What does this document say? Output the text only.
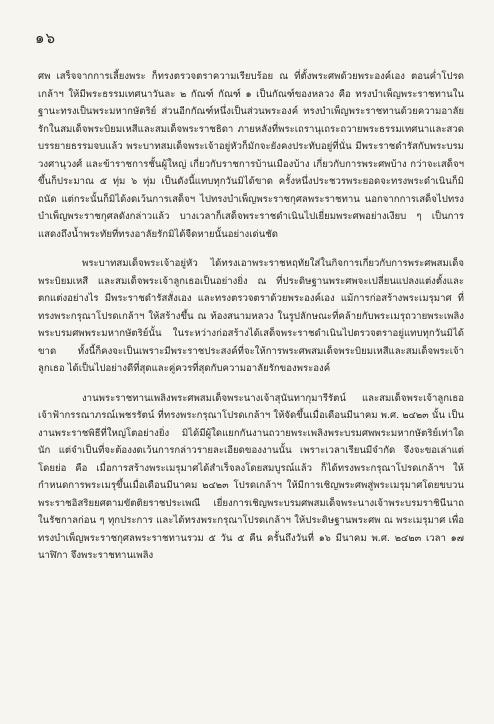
๑๖

ศพ เสร็จจากการเลี้ยงพระ ก็ทรงตรวจตราความเรียบร้อย ณ ที่ตั้งพระศพด้วยพระองค์เอง ตอนค่ำโปรดเกล้าฯ ให้มีพระธรรมเทศนาวันละ ๒ กัณฑ์ กัณฑ์ ๑ เป็นกัณฑ์ของหลวง คือ ทรงบำเพ็ญพระราชทานในฐานะทรงเป็นพระมหากษัตริย์ ส่วนอีกกัณฑ์หนึ่งเป็นส่วนพระองค์ ทรงบำเพ็ญพระราชทานด้วยความอาลัยรักในสมเด็จพระบิยมเหสีและสมเด็จพระราชธิดา ภายหลังที่พระเถรานุเถระถวายพระธรรมเทศนาและสวดบรรยายธรรมจบแล้ว พระบาทสมเด็จพระเจ้าอยู่หัวก็มักจะยังคงประทับอยู่ที่นั่น มีพระราชดำรัสกับพระบรมวงศานุวงศ์ และข้าราชการชั้นผู้ใหญ่ เกี่ยวกับราชการบ้านเมืองบ้าง เกี่ยวกับการพระศพบ้าง กว่าจะเสด็จฯ ขึ้นก็ประมาณ ๕ ทุ่ม ๖ ทุ่ม เป็นดังนี้แทบทุกวันมิได้ขาด ครั้งหนึ่งประชวรพระยอดจะทรงพระดำเนินก็มิถนัด แต่กระนั้นก็มิได้งดเว้นการเสด็จฯ ไปทรงบำเพ็ญพระราชกุศลพระราชทาน นอกจากการเสด็จไปทรงบำเพ็ญพระราชกุศลดังกล่าวแล้ว บางเวลาก็เสด็จพระราชดำเนินไปเยี่ยมพระศพอย่างเงียบ ๆ เป็นการแสดงถึงน้ำพระทัยที่ทรงอาลัยรักมิได้จืดหายนั้นอย่างเด่นชัด

พระบาทสมเด็จพระเจ้าอยู่หัว ได้ทรงเอาพระราชหฤทัยใส่ในกิจการเกี่ยวกับการพระศพสมเด็จพระบิยมเหสี และสมเด็จพระเจ้าลูกเธอเป็นอย่างยิ่ง ณ ที่ประดิษฐานพระศพจะเปลี่ยนแปลงแต่งตั้งและตกแต่งอย่างไร มีพระราชดำรัสสั่งเอง และทรงตรวจตราด้วยพระองค์เอง แม้การก่อสร้างพระเมรุมาศ ที่ทรงพระกรุณาโปรดเกล้าฯ ให้สร้างขึ้น ณ ท้องสนามหลวง ในรูปลักษณะที่คล้ายกับพระเมรุถวายพระเพลิงพระบรมศพพระมหากษัตริย์นั้น ในระหว่างก่อสร้างได้เสด็จพระราชดำเนินไปตรวจตราอยู่แทบทุกวันมิได้ขาด ทั้งนี้ก็คงจะเป็นเพราะมีพระราชประสงค์ที่จะให้การพระศพสมเด็จพระบิยมเหสีและสมเด็จพระเจ้าลูกเธอ ได้เป็นไปอย่างดีที่สุดและคู่ควรที่สุดกับความอาลัยรักของพระองค์

งานพระราชทานเพลิงพระศพสมเด็จพระนางเจ้าสุนันทากุมารีรัตน์ และสมเด็จพระเจ้าลูกเธอ เจ้าฟ้ากรรณาภรณ์เพชรรัตน์ ที่ทรงพระกรุณาโปรดเกล้าฯ ให้จัดขึ้นเมื่อเดือนมีนาคม พ.ศ. ๒๔๒๓ นั้น เป็นงานพระราชพิธีที่ใหญ่โตอย่างยิ่ง มิได้มีผู้ใดแยกกันงานถวายพระเพลิงพระบรมศพพระมหากษัตริย์เท่าใดนัก แต่จำเป็นที่จะต้องงดเว้นการกล่าวรายละเอียดของงานนั้น เพราะเวลาเรียนมีจำกัด จึงจะขอเล่าแต่โดยย่อ คือ เมื่อการสร้างพระเมรุมาศได้สำเร็จลงโดยสมบูรณ์แล้ว ก็ได้ทรงพระกรุณาโปรดเกล้าฯ ให้กำหนดการพระเมรุขึ้นเมื่อเดือนมีนาคม ๒๔๒๓ โปรดเกล้าฯ ให้มีการเชิญพระศพสู่พระเมรุมาศโดยขบวนพระราชอิสริยยศตามขัตติยราชประเพณี เยี่ยงการเชิญพระบรมศพสมเด็จพระนางเจ้าพระบรมราชินีนาถในรัชกาลก่อน ๆ ทุกประการ และได้ทรงพระกรุณาโปรดเกล้าฯ ให้ประดิษฐานพระศพ ณ พระเมรุมาศ เพื่อทรงบำเพ็ญพระราชกุศลพระราชทานรวม ๕ วัน ๕ คืน ครั้นถึงวันที่ ๑๖ มีนาคม พ.ศ. ๒๔๒๓ เวลา ๑๗ นาฬิกา จึงพระราชทานเพลิง
